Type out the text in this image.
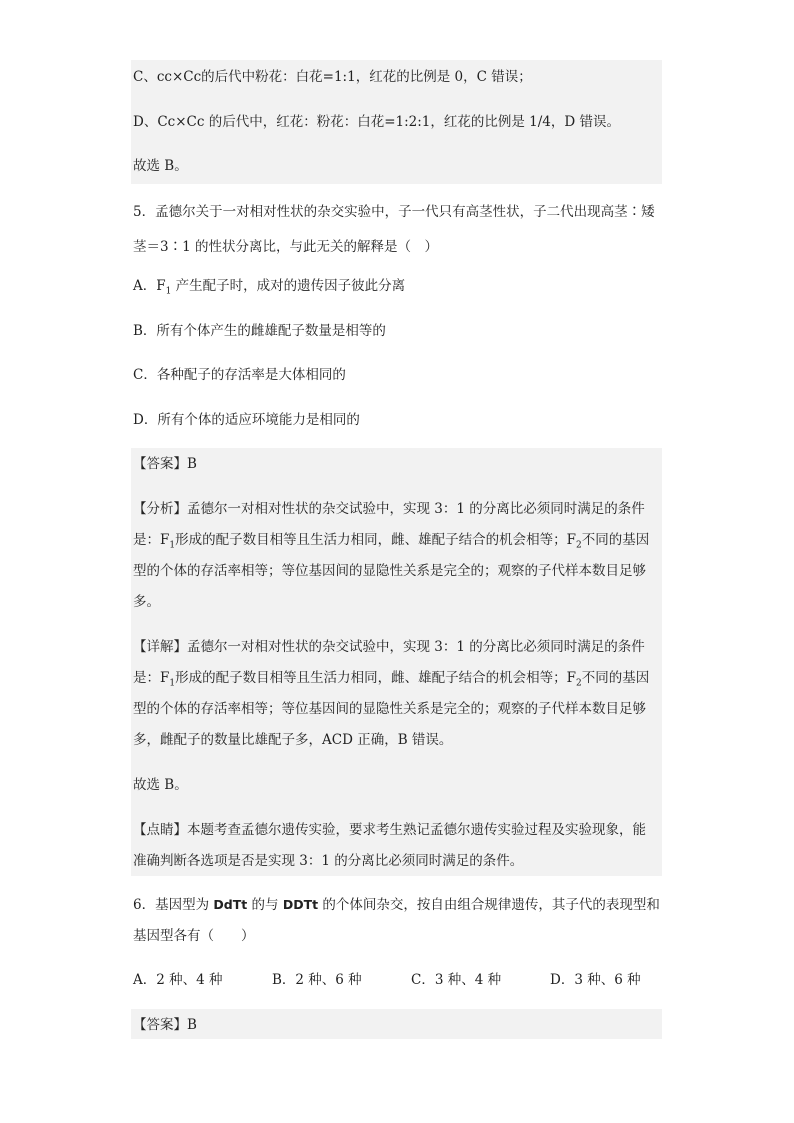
C、cc×Cc的后代中粉花：白花=1:1，红花的比例是 0，C 错误；
D、Cc×Cc 的后代中，红花：粉花：白花=1:2:1，红花的比例是 1/4，D 错误。
故选 B。
5．孟德尔关于一对相对性状的杂交实验中，子一代只有高茎性状，子二代出现高茎∶矮
茎＝3∶1 的性状分离比，与此无关的解释是（　）
A．$F_1$ 产生配子时，成对的遗传因子彼此分离
B．所有个体产生的雌雄配子数量是相等的
C．各种配子的存活率是大体相同的
D．所有个体的适应环境能力是相同的
【答案】B
【分析】孟德尔一对相对性状的杂交试验中，实现 3：1 的分离比必须同时满足的条件
是：$F_1$形成的配子数目相等且生活力相同，雌、雄配子结合的机会相等；$F_2$不同的基因
型的个体的存活率相等；等位基因间的显隐性关系是完全的；观察的子代样本数目足够
多。
【详解】孟德尔一对相对性状的杂交试验中，实现 3：1 的分离比必须同时满足的条件
是：$F_1$形成的配子数目相等且生活力相同，雌、雄配子结合的机会相等；$F_2$不同的基因
型的个体的存活率相等；等位基因间的显隐性关系是完全的；观察的子代样本数目足够
多，雌配子的数量比雄配子多，ACD 正确，B 错误。
故选 B。
【点睛】本题考查孟德尔遗传实验，要求考生熟记孟德尔遗传实验过程及实验现象，能
准确判断各选项是否是实现 3：1 的分离比必须同时满足的条件。
6．基因型为 DdTt 的与 DDTt 的个体间杂交，按自由组合规律遗传，其子代的表现型和
基因型各有（　　）
A．2 种、4 种	B．2 种、6 种	C．3 种、4 种	D．3 种、6 种
【答案】B
